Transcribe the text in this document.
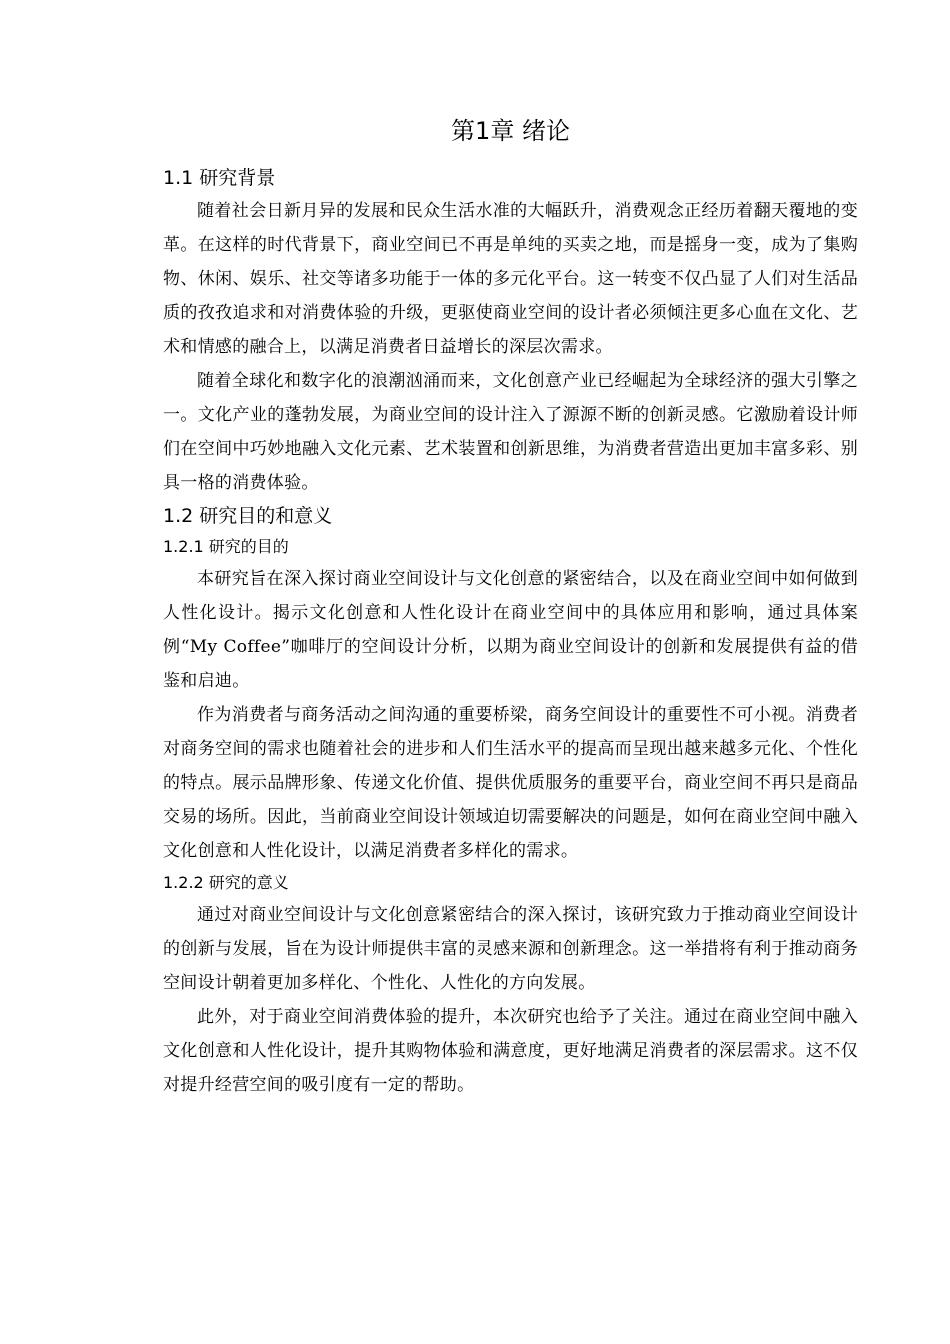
第1章 绪论
1.1 研究背景

随着社会日新月异的发展和民众生活水准的大幅跃升，消费观念正经历着翻天覆地的变革。在这样的时代背景下，商业空间已不再是单纯的买卖之地，而是摇身一变，成为了集购物、休闲、娱乐、社交等诸多功能于一体的多元化平台。这一转变不仅凸显了人们对生活品质的孜孜追求和对消费体验的升级，更驱使商业空间的设计者必须倾注更多心血在文化、艺术和情感的融合上，以满足消费者日益增长的深层次需求。

随着全球化和数字化的浪潮汹涌而来，文化创意产业已经崛起为全球经济的强大引擎之一。文化产业的蓬勃发展，为商业空间的设计注入了源源不断的创新灵感。它激励着设计师们在空间中巧妙地融入文化元素、艺术装置和创新思维，为消费者营造出更加丰富多彩、别具一格的消费体验。

1.2 研究目的和意义
1.2.1 研究的目的

本研究旨在深入探讨商业空间设计与文化创意的紧密结合，以及在商业空间中如何做到人性化设计。揭示文化创意和人性化设计在商业空间中的具体应用和影响，通过具体案例“My Coffee”咖啡厅的空间设计分析，以期为商业空间设计的创新和发展提供有益的借鉴和启迪。

作为消费者与商务活动之间沟通的重要桥梁，商务空间设计的重要性不可小视。消费者对商务空间的需求也随着社会的进步和人们生活水平的提高而呈现出越来越多元化、个性化的特点。展示品牌形象、传递文化价值、提供优质服务的重要平台，商业空间不再只是商品交易的场所。因此，当前商业空间设计领域迫切需要解决的问题是，如何在商业空间中融入文化创意和人性化设计，以满足消费者多样化的需求。

1.2.2 研究的意义

通过对商业空间设计与文化创意紧密结合的深入探讨，该研究致力于推动商业空间设计的创新与发展，旨在为设计师提供丰富的灵感来源和创新理念。这一举措将有利于推动商务空间设计朝着更加多样化、个性化、人性化的方向发展。

此外，对于商业空间消费体验的提升，本次研究也给予了关注。通过在商业空间中融入文化创意和人性化设计，提升其购物体验和满意度，更好地满足消费者的深层需求。这不仅对提升经营空间的吸引度有一定的帮助。
